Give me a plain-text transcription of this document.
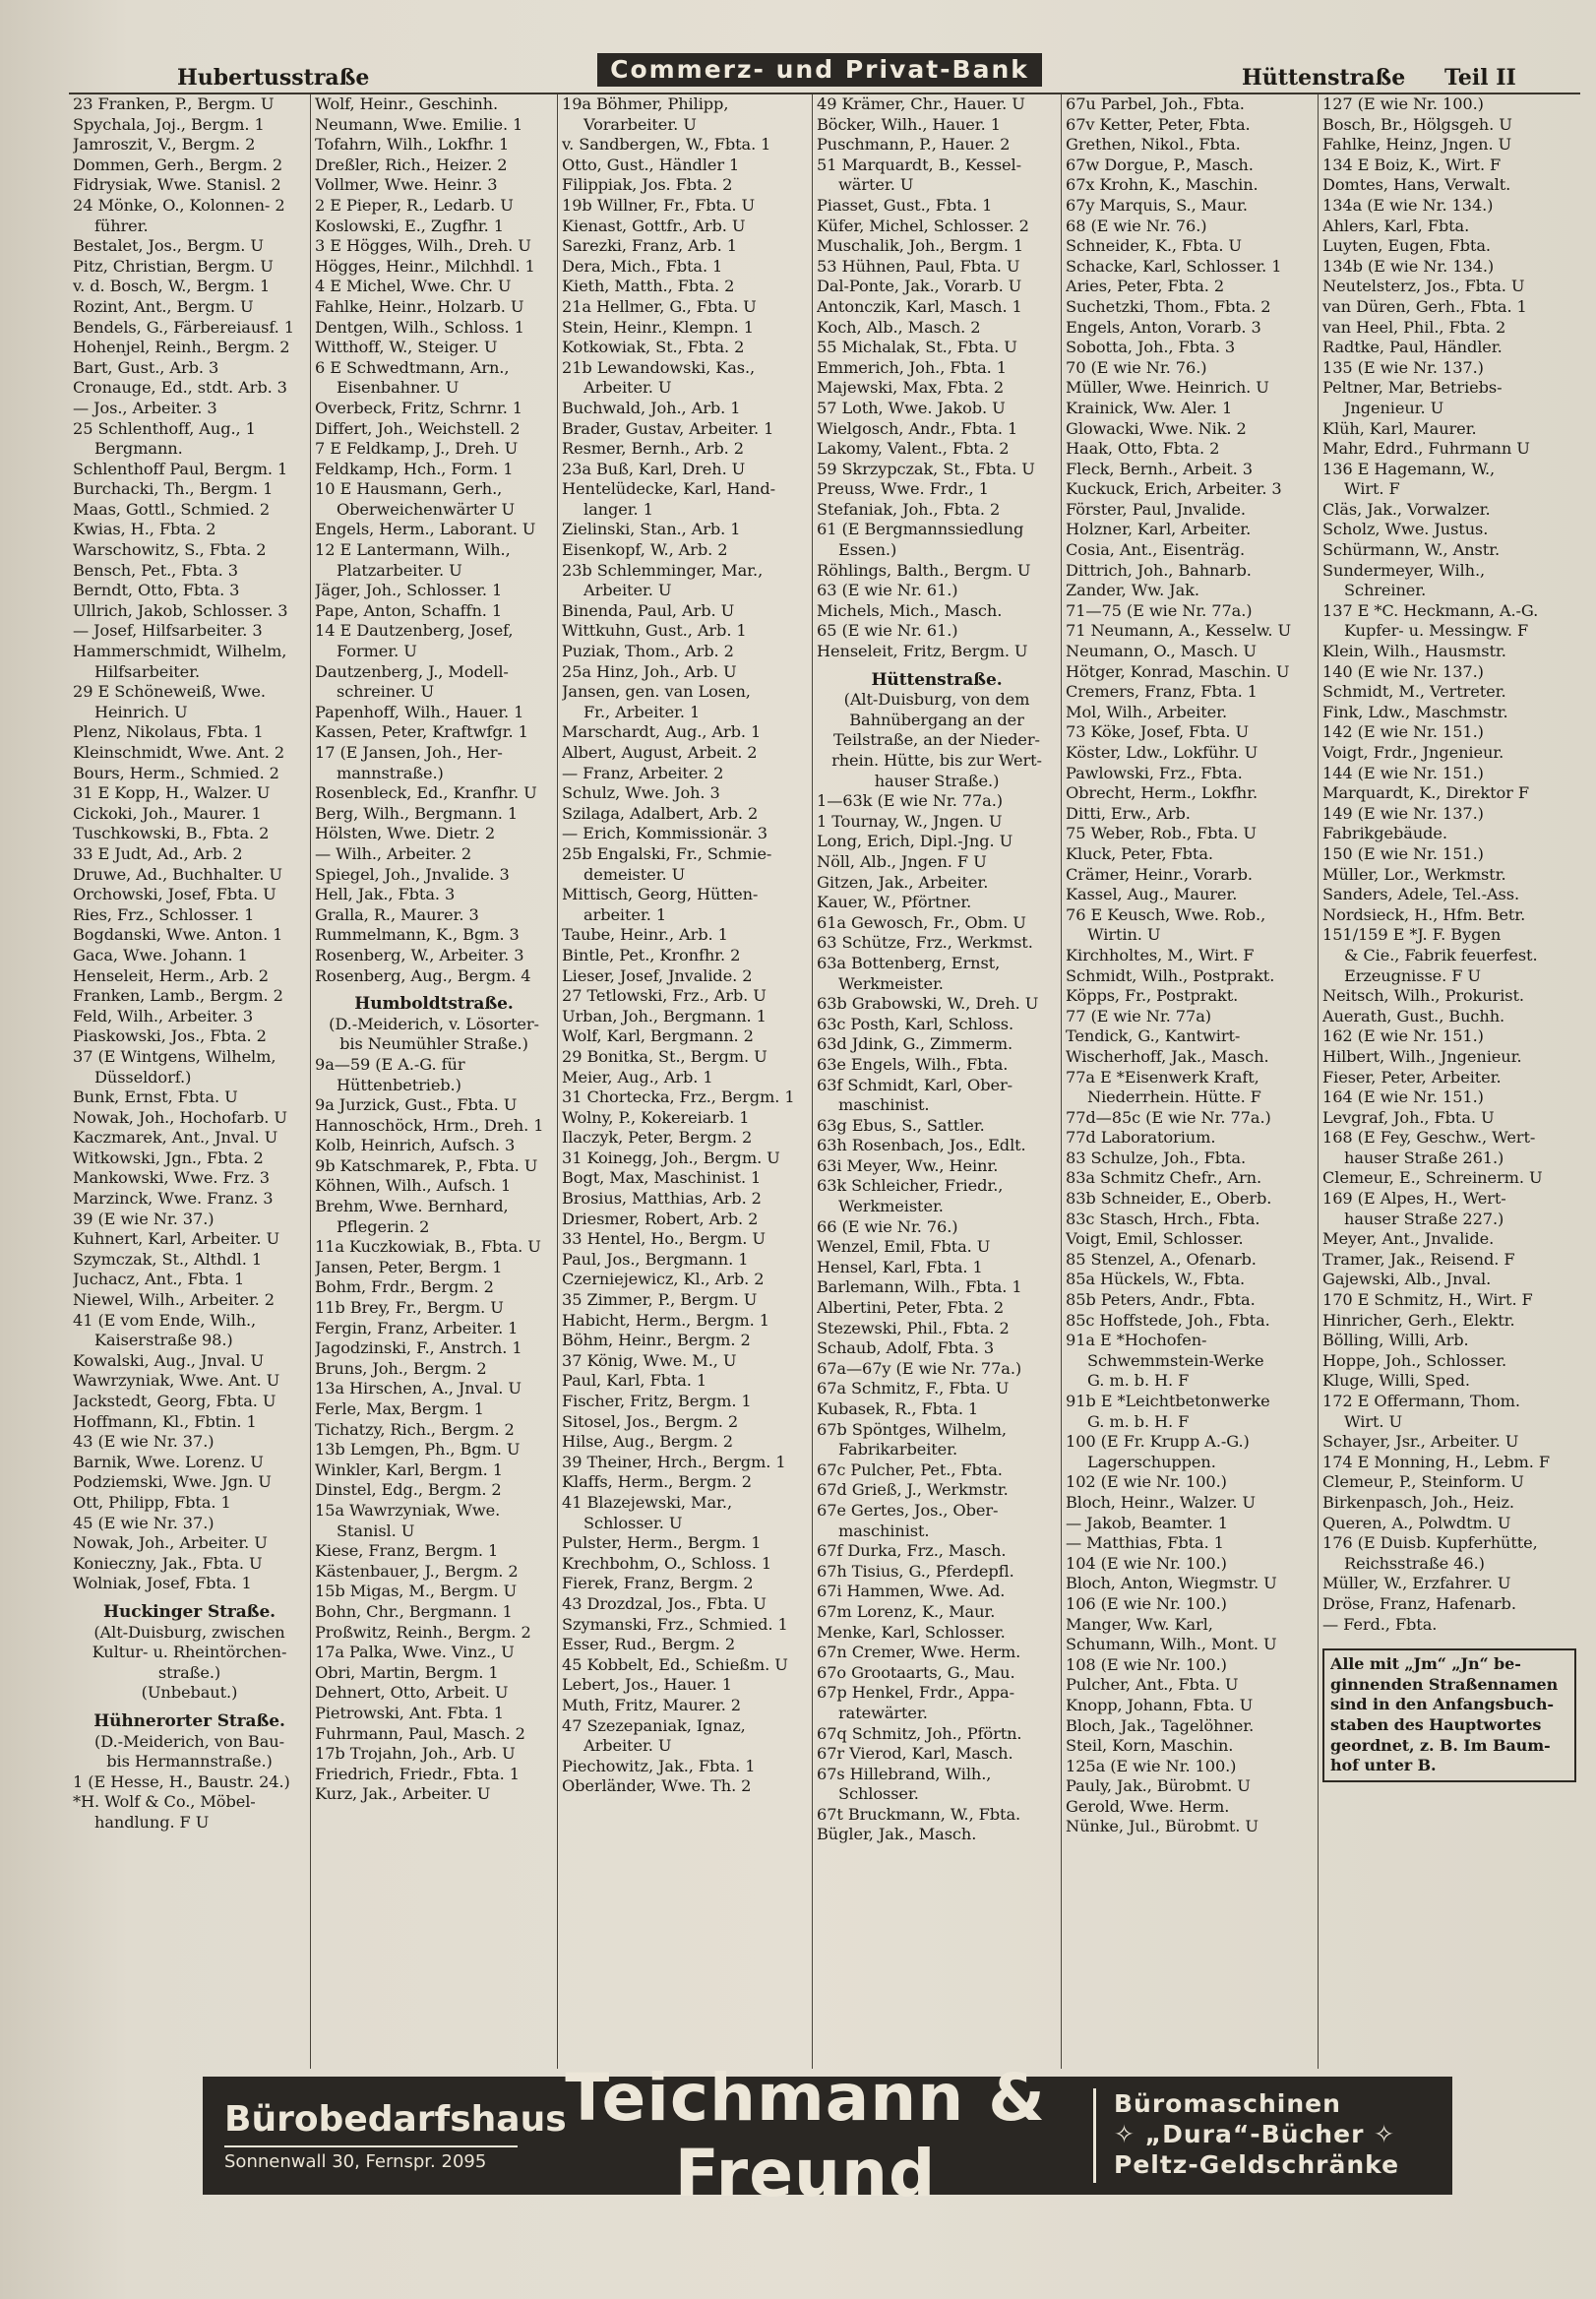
Hubertusstraße	Commerz- und Privat-Bank	Hüttenstraße Teil II
23 Franken, P., Bergm. U
Spychala, Joj., Bergm. 1
Jamroszit, V., Bergm. 2
Dommen, Gerh., Bergm. 2
Fidrysiak, Wwe. Stanisl. 2
24 Mönke, O., Kolonnen- 2
führer.
Bestalet, Jos., Bergm. U
Pitz, Christian, Bergm. U
v. d. Bosch, W., Bergm. 1
Rozint, Ant., Bergm. U
Bendels, G., Färbereiausf. 1
Hohenjel, Reinh., Bergm. 2
Bart, Gust., Arb. 3
Cronauge, Ed., stdt. Arb. 3
— Jos., Arbeiter. 3
25 Schlenthoff, Aug., 1
Bergmann.
Schlenthoff Paul, Bergm. 1
Burchacki, Th., Bergm. 1
Maas, Gottl., Schmied. 2
Kwias, H., Fbta. 2
Warschowitz, S., Fbta. 2
Bensch, Pet., Fbta. 3
Berndt, Otto, Fbta. 3
Ullrich, Jakob, Schlosser. 3
— Josef, Hilfsarbeiter. 3
Hammerschmidt, Wilhelm,
Hilfsarbeiter.
29 E Schöneweiß, Wwe.
Heinrich. U
Plenz, Nikolaus, Fbta. 1
Kleinschmidt, Wwe. Ant. 2
Bours, Herm., Schmied. 2
31 E Kopp, H., Walzer. U
Cickoki, Joh., Maurer. 1
Tuschkowski, B., Fbta. 2
33 E Judt, Ad., Arb. 2
Druwe, Ad., Buchhalter. U
Orchowski, Josef, Fbta. U
Ries, Frz., Schlosser. 1
Bogdanski, Wwe. Anton. 1
Gaca, Wwe. Johann. 1
Henseleit, Herm., Arb. 2
Franken, Lamb., Bergm. 2
Feld, Wilh., Arbeiter. 3
Piaskowski, Jos., Fbta. 2
37 (E Wintgens, Wilhelm,
Düsseldorf.)
Bunk, Ernst, Fbta. U
Nowak, Joh., Hochofarb. U
Kaczmarek, Ant., Jnval. U
Witkowski, Jgn., Fbta. 2
Mankowski, Wwe. Frz. 3
Marzinck, Wwe. Franz. 3
39 (E wie Nr. 37.)
Kuhnert, Karl, Arbeiter. U
Szymczak, St., Althdl. 1
Juchacz, Ant., Fbta. 1
Niewel, Wilh., Arbeiter. 2
41 (E vom Ende, Wilh.,
Kaiserstraße 98.)
Kowalski, Aug., Jnval. U
Wawrzyniak, Wwe. Ant. U
Jackstedt, Georg, Fbta. U
Hoffmann, Kl., Fbtin. 1
43 (E wie Nr. 37.)
Barnik, Wwe. Lorenz. U
Podziemski, Wwe. Jgn. U
Ott, Philipp, Fbta. 1
45 (E wie Nr. 37.)
Nowak, Joh., Arbeiter. U
Konieczny, Jak., Fbta. U
Wolniak, Josef, Fbta. 1
Huckinger Straße.
(Alt-Duisburg, zwischen
Kultur- u. Rheintörchen-
straße.)
(Unbebaut.)
Hühnerorter Straße.
(D.-Meiderich, von Bau-
bis Hermannstraße.)
1 (E Hesse, H., Baustr. 24.)
*H. Wolf & Co., Möbel-
handlung. F U
Wolf, Heinr., Geschinh.
Neumann, Wwe. Emilie. 1
Tofahrn, Wilh., Lokfhr. 1
Dreßler, Rich., Heizer. 2
Vollmer, Wwe. Heinr. 3
2 E Pieper, R., Ledarb. U
Koslowski, E., Zugfhr. 1
3 E Högges, Wilh., Dreh. U
Högges, Heinr., Milchhdl. 1
4 E Michel, Wwe. Chr. U
Fahlke, Heinr., Holzarb. U
Dentgen, Wilh., Schloss. 1
Witthoff, W., Steiger. U
6 E Schwedtmann, Arn.,
Eisenbahner. U
Overbeck, Fritz, Schrnr. 1
Differt, Joh., Weichstell. 2
7 E Feldkamp, J., Dreh. U
Feldkamp, Hch., Form. 1
10 E Hausmann, Gerh.,
Oberweichenwärter U
Engels, Herm., Laborant. U
12 E Lantermann, Wilh.,
Platzarbeiter. U
Jäger, Joh., Schlosser. 1
Pape, Anton, Schaffn. 1
14 E Dautzenberg, Josef,
Former. U
Dautzenberg, J., Modell-
schreiner. U
Papenhoff, Wilh., Hauer. 1
Kassen, Peter, Kraftwfgr. 1
17 (E Jansen, Joh., Her-
mannstraße.)
Rosenbleck, Ed., Kranfhr. U
Berg, Wilh., Bergmann. 1
Hölsten, Wwe. Dietr. 2
— Wilh., Arbeiter. 2
Spiegel, Joh., Jnvalide. 3
Hell, Jak., Fbta. 3
Gralla, R., Maurer. 3
Rummelmann, K., Bgm. 3
Rosenberg, W., Arbeiter. 3
Rosenberg, Aug., Bergm. 4
Humboldtstraße.
(D.-Meiderich, v. Lösorter-
bis Neumühler Straße.)
9a—59 (E A.-G. für
Hüttenbetrieb.)
9a Jurzick, Gust., Fbta. U
Hannoschöck, Hrm., Dreh. 1
Kolb, Heinrich, Aufsch. 3
9b Katschmarek, P., Fbta. U
Köhnen, Wilh., Aufsch. 1
Brehm, Wwe. Bernhard,
Pflegerin. 2
11a Kuczkowiak, B., Fbta. U
Jansen, Peter, Bergm. 1
Bohm, Frdr., Bergm. 2
11b Brey, Fr., Bergm. U
Fergin, Franz, Arbeiter. 1
Jagodzinski, F., Anstrch. 1
Bruns, Joh., Bergm. 2
13a Hirschen, A., Jnval. U
Ferle, Max, Bergm. 1
Tichatzy, Rich., Bergm. 2
13b Lemgen, Ph., Bgm. U
Winkler, Karl, Bergm. 1
Dinstel, Edg., Bergm. 2
15a Wawrzyniak, Wwe.
Stanisl. U
Kiese, Franz, Bergm. 1
Kästenbauer, J., Bergm. 2
15b Migas, M., Bergm. U
Bohn, Chr., Bergmann. 1
Proßwitz, Reinh., Bergm. 2
17a Palka, Wwe. Vinz., U
Obri, Martin, Bergm. 1
Dehnert, Otto, Arbeit. U
Pietrowski, Ant. Fbta. 1
Fuhrmann, Paul, Masch. 2
17b Trojahn, Joh., Arb. U
Friedrich, Friedr., Fbta. 1
Kurz, Jak., Arbeiter. U
19a Böhmer, Philipp,
Vorarbeiter. U
v. Sandbergen, W., Fbta. 1
Otto, Gust., Händler 1
Filippiak, Jos. Fbta. 2
19b Willner, Fr., Fbta. U
Kienast, Gottfr., Arb. U
Sarezki, Franz, Arb. 1
Dera, Mich., Fbta. 1
Kieth, Matth., Fbta. 2
21a Hellmer, G., Fbta. U
Stein, Heinr., Klempn. 1
Kotkowiak, St., Fbta. 2
21b Lewandowski, Kas.,
Arbeiter. U
Buchwald, Joh., Arb. 1
Brader, Gustav, Arbeiter. 1
Resmer, Bernh., Arb. 2
23a Buß, Karl, Dreh. U
Hentelüdecke, Karl, Hand-
langer. 1
Zielinski, Stan., Arb. 1
Eisenkopf, W., Arb. 2
23b Schlemminger, Mar.,
Arbeiter. U
Binenda, Paul, Arb. U
Wittkuhn, Gust., Arb. 1
Puziak, Thom., Arb. 2
25a Hinz, Joh., Arb. U
Jansen, gen. van Losen,
Fr., Arbeiter. 1
Marschardt, Aug., Arb. 1
Albert, August, Arbeit. 2
— Franz, Arbeiter. 2
Schulz, Wwe. Joh. 3
Szilaga, Adalbert, Arb. 2
— Erich, Kommissionär. 3
25b Engalski, Fr., Schmie-
demeister. U
Mittisch, Georg, Hütten-
arbeiter. 1
Taube, Heinr., Arb. 1
Bintle, Pet., Kronfhr. 2
Lieser, Josef, Jnvalide. 2
27 Tetlowski, Frz., Arb. U
Urban, Joh., Bergmann. 1
Wolf, Karl, Bergmann. 2
29 Bonitka, St., Bergm. U
Meier, Aug., Arb. 1
31 Chortecka, Frz., Bergm. 1
Wolny, P., Kokereiarb. 1
Ilaczyk, Peter, Bergm. 2
31 Koinegg, Joh., Bergm. U
Bogt, Max, Maschinist. 1
Brosius, Matthias, Arb. 2
Driesmer, Robert, Arb. 2
33 Hentel, Ho., Bergm. U
Paul, Jos., Bergmann. 1
Czerniejewicz, Kl., Arb. 2
35 Zimmer, P., Bergm. U
Habicht, Herm., Bergm. 1
Böhm, Heinr., Bergm. 2
37 König, Wwe. M., U
Paul, Karl, Fbta. 1
Fischer, Fritz, Bergm. 1
Sitosel, Jos., Bergm. 2
Hilse, Aug., Bergm. 2
39 Theiner, Hrch., Bergm. 1
Klaffs, Herm., Bergm. 2
41 Blazejewski, Mar.,
Schlosser. U
Pulster, Herm., Bergm. 1
Krechbohm, O., Schloss. 1
Fierek, Franz, Bergm. 2
43 Drozdzal, Jos., Fbta. U
Szymanski, Frz., Schmied. 1
Esser, Rud., Bergm. 2
45 Kobbelt, Ed., Schießm. U
Lebert, Jos., Hauer. 1
Muth, Fritz, Maurer. 2
47 Szezepaniak, Ignaz,
Arbeiter. U
Piechowitz, Jak., Fbta. 1
Oberländer, Wwe. Th. 2
49 Krämer, Chr., Hauer. U
Böcker, Wilh., Hauer. 1
Puschmann, P., Hauer. 2
51 Marquardt, B., Kessel-
wärter. U
Piasset, Gust., Fbta. 1
Küfer, Michel, Schlosser. 2
Muschalik, Joh., Bergm. 1
53 Hühnen, Paul, Fbta. U
Dal-Ponte, Jak., Vorarb. U
Antonczik, Karl, Masch. 1
Koch, Alb., Masch. 2
55 Michalak, St., Fbta. U
Emmerich, Joh., Fbta. 1
Majewski, Max, Fbta. 2
57 Loth, Wwe. Jakob. U
Wielgosch, Andr., Fbta. 1
Lakomy, Valent., Fbta. 2
59 Skrzypczak, St., Fbta. U
Preuss, Wwe. Frdr., 1
Stefaniak, Joh., Fbta. 2
61 (E Bergmannssiedlung
Essen.)
Röhlings, Balth., Bergm. U
63 (E wie Nr. 61.)
Michels, Mich., Masch.
65 (E wie Nr. 61.)
Henseleit, Fritz, Bergm. U
Hüttenstraße.
(Alt-Duisburg, von dem
Bahnübergang an der
Teilstraße, an der Nieder-
rhein. Hütte, bis zur Wert-
hauser Straße.)
1—63k (E wie Nr. 77a.)
1 Tournay, W., Jngen. U
Long, Erich, Dipl.-Jng. U
Nöll, Alb., Jngen. F U
Gitzen, Jak., Arbeiter.
Kauer, W., Pförtner.
61a Gewosch, Fr., Obm. U
63 Schütze, Frz., Werkmst.
63a Bottenberg, Ernst,
Werkmeister.
63b Grabowski, W., Dreh. U
63c Posth, Karl, Schloss.
63d Jdink, G., Zimmerm.
63e Engels, Wilh., Fbta.
63f Schmidt, Karl, Ober-
maschinist.
63g Ebus, S., Sattler.
63h Rosenbach, Jos., Edlt.
63i Meyer, Ww., Heinr.
63k Schleicher, Friedr.,
Werkmeister.
66 (E wie Nr. 76.)
Wenzel, Emil, Fbta. U
Hensel, Karl, Fbta. 1
Barlemann, Wilh., Fbta. 1
Albertini, Peter, Fbta. 2
Stezewski, Phil., Fbta. 2
Schaub, Adolf, Fbta. 3
67a—67y (E wie Nr. 77a.)
67a Schmitz, F., Fbta. U
Kubasek, R., Fbta. 1
67b Spöntges, Wilhelm,
Fabrikarbeiter.
67c Pulcher, Pet., Fbta.
67d Grieß, J., Werkmstr.
67e Gertes, Jos., Ober-
maschinist.
67f Durka, Frz., Masch.
67h Tisius, G., Pferdepfl.
67i Hammen, Wwe. Ad.
67m Lorenz, K., Maur.
Menke, Karl, Schlosser.
67n Cremer, Wwe. Herm.
67o Grootaarts, G., Mau.
67p Henkel, Frdr., Appa-
ratewärter.
67q Schmitz, Joh., Pförtn.
67r Vierod, Karl, Masch.
67s Hillebrand, Wilh.,
Schlosser.
67t Bruckmann, W., Fbta.
Bügler, Jak., Masch.
67u Parbel, Joh., Fbta.
67v Ketter, Peter, Fbta.
Grethen, Nikol., Fbta.
67w Dorgue, P., Masch.
67x Krohn, K., Maschin.
67y Marquis, S., Maur.
68 (E wie Nr. 76.)
Schneider, K., Fbta. U
Schacke, Karl, Schlosser. 1
Aries, Peter, Fbta. 2
Suchetzki, Thom., Fbta. 2
Engels, Anton, Vorarb. 3
Sobotta, Joh., Fbta. 3
70 (E wie Nr. 76.)
Müller, Wwe. Heinrich. U
Krainick, Ww. Aler. 1
Glowacki, Wwe. Nik. 2
Haak, Otto, Fbta. 2
Fleck, Bernh., Arbeit. 3
Kuckuck, Erich, Arbeiter. 3
Förster, Paul, Jnvalide.
Holzner, Karl, Arbeiter.
Cosia, Ant., Eisenträg.
Dittrich, Joh., Bahnarb.
Zander, Ww. Jak.
71—75 (E wie Nr. 77a.)
71 Neumann, A., Kesselw. U
Neumann, O., Masch. U
Hötger, Konrad, Maschin. U
Cremers, Franz, Fbta. 1
Mol, Wilh., Arbeiter.
73 Köke, Josef, Fbta. U
Köster, Ldw., Lokführ. U
Pawlowski, Frz., Fbta.
Obrecht, Herm., Lokfhr.
Ditti, Erw., Arb.
75 Weber, Rob., Fbta. U
Kluck, Peter, Fbta.
Crämer, Heinr., Vorarb.
Kassel, Aug., Maurer.
76 E Keusch, Wwe. Rob.,
Wirtin. U
Kirchholtes, M., Wirt. F
Schmidt, Wilh., Postprakt.
Köpps, Fr., Postprakt.
77 (E wie Nr. 77a)
Tendick, G., Kantwirt-
Wischerhoff, Jak., Masch.
77a E *Eisenwerk Kraft,
Niederrhein. Hütte. F
77d—85c (E wie Nr. 77a.)
77d Laboratorium.
83 Schulze, Joh., Fbta.
83a Schmitz Chefr., Arn.
83b Schneider, E., Oberb.
83c Stasch, Hrch., Fbta.
Voigt, Emil, Schlosser.
85 Stenzel, A., Ofenarb.
85a Hückels, W., Fbta.
85b Peters, Andr., Fbta.
85c Hoffstede, Joh., Fbta.
91a E *Hochofen-
Schwemmstein-Werke
G. m. b. H. F
91b E *Leichtbetonwerke
G. m. b. H. F
100 (E Fr. Krupp A.-G.)
Lagerschuppen.
102 (E wie Nr. 100.)
Bloch, Heinr., Walzer. U
— Jakob, Beamter. 1
— Matthias, Fbta. 1
104 (E wie Nr. 100.)
Bloch, Anton, Wiegmstr. U
106 (E wie Nr. 100.)
Manger, Ww. Karl,
Schumann, Wilh., Mont. U
108 (E wie Nr. 100.)
Pulcher, Ant., Fbta. U
Knopp, Johann, Fbta. U
Bloch, Jak., Tagelöhner.
Steil, Korn, Maschin.
125a (E wie Nr. 100.)
Pauly, Jak., Bürobmt. U
Gerold, Wwe. Herm.
Nünke, Jul., Bürobmt. U
127 (E wie Nr. 100.)
Bosch, Br., Hölgsgeh. U
Fahlke, Heinz, Jngen. U
134 E Boiz, K., Wirt. F
Domtes, Hans, Verwalt.
134a (E wie Nr. 134.)
Ahlers, Karl, Fbta.
Luyten, Eugen, Fbta.
134b (E wie Nr. 134.)
Neutelsterz, Jos., Fbta. U
van Düren, Gerh., Fbta. 1
van Heel, Phil., Fbta. 2
Radtke, Paul, Händler.
135 (E wie Nr. 137.)
Peltner, Mar, Betriebs-
Jngenieur. U
Klüh, Karl, Maurer.
Mahr, Edrd., Fuhrmann U
136 E Hagemann, W.,
Wirt. F
Cläs, Jak., Vorwalzer.
Scholz, Wwe. Justus.
Schürmann, W., Anstr.
Sundermeyer, Wilh.,
Schreiner.
137 E *C. Heckmann, A.-G.
Kupfer- u. Messingw. F
Klein, Wilh., Hausmstr.
140 (E wie Nr. 137.)
Schmidt, M., Vertreter.
Fink, Ldw., Maschmstr.
142 (E wie Nr. 151.)
Voigt, Frdr., Jngenieur.
144 (E wie Nr. 151.)
Marquardt, K., Direktor F
149 (E wie Nr. 137.)
Fabrikgebäude.
150 (E wie Nr. 151.)
Müller, Lor., Werkmstr.
Sanders, Adele, Tel.-Ass.
Nordsieck, H., Hfm. Betr.
151/159 E *J. F. Bygen
& Cie., Fabrik feuerfest.
Erzeugnisse. F U
Neitsch, Wilh., Prokurist.
Auerath, Gust., Buchh.
162 (E wie Nr. 151.)
Hilbert, Wilh., Jngenieur.
Fieser, Peter, Arbeiter.
164 (E wie Nr. 151.)
Levgraf, Joh., Fbta. U
168 (E Fey, Geschw., Wert-
hauser Straße 261.)
Clemeur, E., Schreinerm. U
169 (E Alpes, H., Wert-
hauser Straße 227.)
Meyer, Ant., Jnvalide.
Tramer, Jak., Reisend. F
Gajewski, Alb., Jnval.
170 E Schmitz, H., Wirt. F
Hinricher, Gerh., Elektr.
Bölling, Willi, Arb.
Hoppe, Joh., Schlosser.
Kluge, Willi, Sped.
172 E Offermann, Thom.
Wirt. U
Schayer, Jsr., Arbeiter. U
174 E Monning, H., Lebm. F
Clemeur, P., Steinform. U
Birkenpasch, Joh., Heiz.
Queren, A., Polwdtm. U
176 (E Duisb. Kupferhütte,
Reichsstraße 46.)
Müller, W., Erzfahrer. U
Dröse, Franz, Hafenarb.
— Ferd., Fbta.
Alle mit „Jm“ „Jn“ be-
ginnenden Straßennamen
sind in den Anfangsbuch-
staben des Hauptwortes
geordnet, z. B. Im Baum-
hof unter B.
Bürobedarfshaus
Sonnenwall 30, Fernspr. 2095
Teichmann & Freund
Büromaschinen
✧ „Dura“-Bücher ✧
Peltz-Geldschränke
